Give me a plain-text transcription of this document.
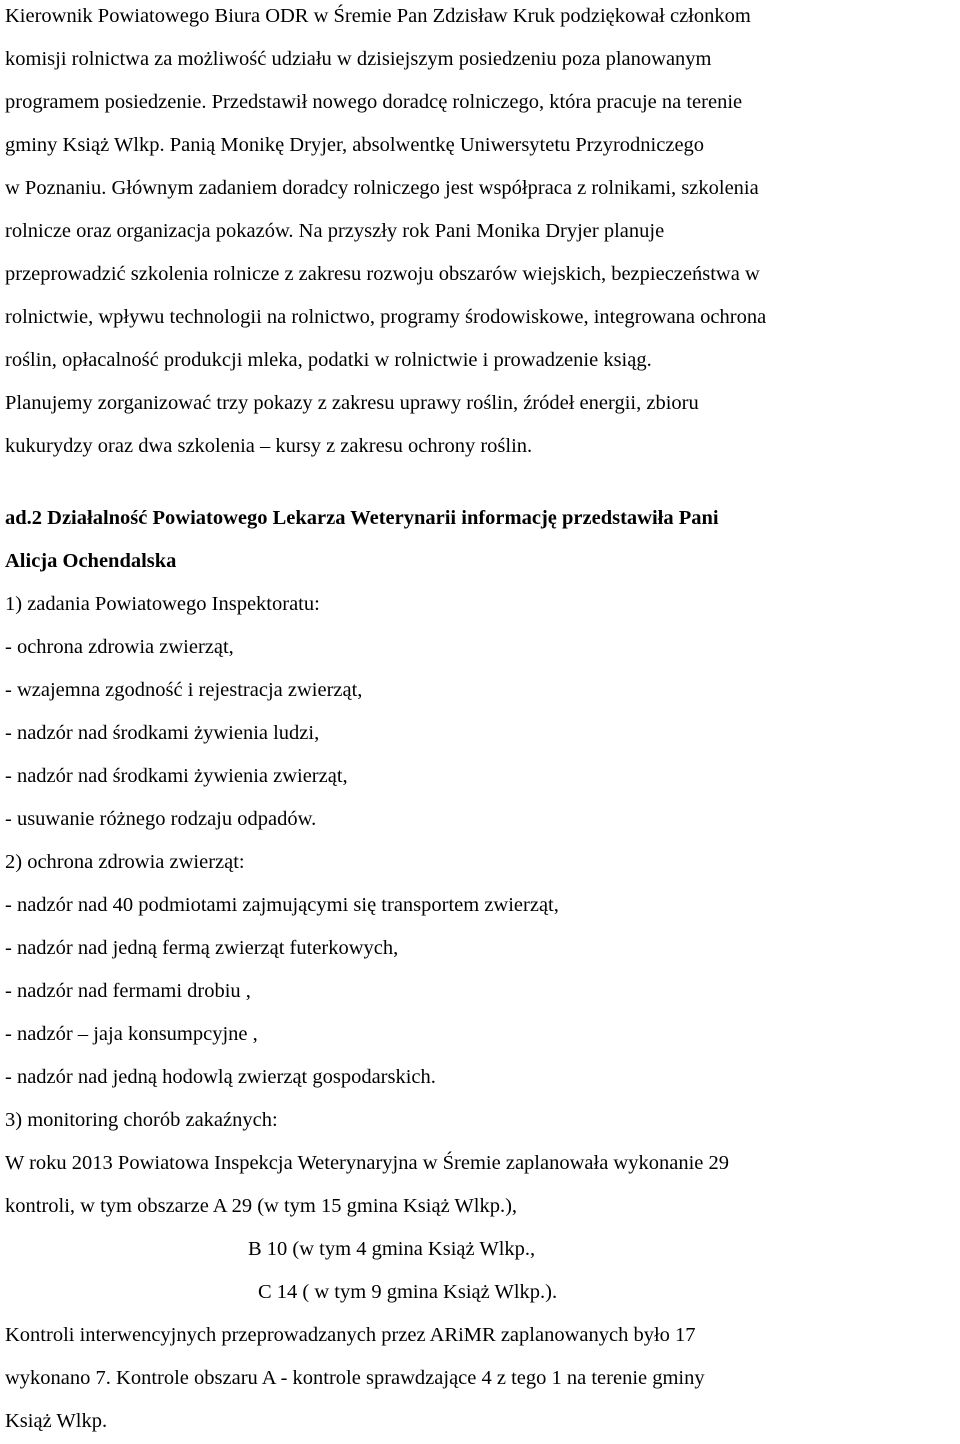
Kierownik Powiatowego Biura ODR w Śremie Pan Zdzisław Kruk podziękował członkom
komisji rolnictwa za możliwość udziału w dzisiejszym posiedzeniu poza planowanym
programem posiedzenie. Przedstawił nowego doradcę rolniczego, która pracuje na terenie
gminy Książ Wlkp. Panią Monikę Dryjer, absolwentkę Uniwersytetu Przyrodniczego
w Poznaniu. Głównym zadaniem doradcy rolniczego jest współpraca z rolnikami, szkolenia
rolnicze oraz organizacja pokazów. Na przyszły rok Pani Monika Dryjer planuje
przeprowadzić szkolenia rolnicze z zakresu rozwoju obszarów wiejskich, bezpieczeństwa w
rolnictwie, wpływu technologii na rolnictwo, programy środowiskowe, integrowana ochrona
roślin, opłacalność produkcji mleka, podatki w rolnictwie i prowadzenie ksiąg.
Planujemy zorganizować trzy pokazy z zakresu uprawy roślin, źródeł energii, zbioru
kukurydzy oraz dwa szkolenia – kursy z zakresu ochrony roślin.
ad.2 Działalność Powiatowego Lekarza Weterynarii informację przedstawiła Pani
Alicja Ochendalska
1) zadania Powiatowego Inspektoratu:
- ochrona zdrowia zwierząt,
- wzajemna zgodność i rejestracja zwierząt,
- nadzór nad środkami żywienia ludzi,
- nadzór nad środkami żywienia zwierząt,
- usuwanie różnego rodzaju odpadów.
2) ochrona zdrowia zwierząt:
- nadzór nad 40 podmiotami zajmującymi się transportem zwierząt,
- nadzór nad jedną fermą zwierząt futerkowych,
- nadzór nad fermami drobiu ,
- nadzór – jaja konsumpcyjne ,
- nadzór nad jedną hodowlą zwierząt gospodarskich.
3) monitoring chorób zakaźnych:
W roku 2013 Powiatowa Inspekcja Weterynaryjna w Śremie zaplanowała wykonanie 29
kontroli, w tym obszarze A 29 (w tym 15 gmina Książ Wlkp.),
B 10 (w tym 4 gmina Książ Wlkp.,
C 14 ( w tym 9 gmina Książ Wlkp.).
Kontroli interwencyjnych przeprowadzanych przez ARiMR zaplanowanych było 17
wykonano 7. Kontrole obszaru A - kontrole sprawdzające 4 z tego 1 na terenie gminy
Książ Wlkp.
